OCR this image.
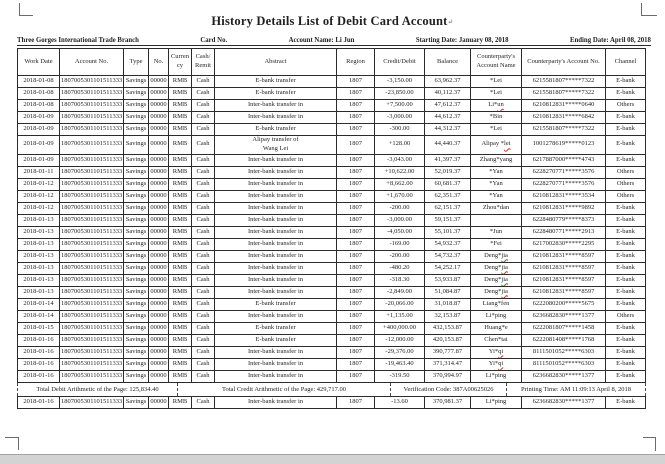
History Details List of Debit Card Account↵
Three Gorges International Trade Branch	Card No.	Account Name: Li Jun	Starting Date: January 08, 2018	Ending Date: April 08, 2018
Work Date	Account No.	Type	No.	Currency	Cash/ Remit	Abstract	Region	Credit/Debit	Balance	Counterparty's Account Name	Counterparty's Account No.	Channel
2018-01-08	1807005301101511333	Savings	00000	RMB	Cash	E-bank transfer	1807	-3,150.00	63,962.37	*Lei	6215581807*****7322	E-bank
2018-01-08	1807005301101511333	Savings	00000	RMB	Cash	E-bank transfer	1807	-23,850.00	40,112.37	*Lei	6215581807*****7322	E-bank
2018-01-08	1807005301101511333	Savings	00000	RMB	Cash	Inter-bank transfer in	1807	+7,500.00	47,612.37	Li*un	6210812831*****0640	Others
2018-01-09	1807005301101511333	Savings	00000	RMB	Cash	Inter-bank transfer in	1807	-3,000.00	44,612.37	*Bin	6210812831*****6842	E-bank
2018-01-09	1807005301101511333	Savings	00000	RMB	Cash	E-bank transfer	1807	-300.00	44,312.37	*Lei	6215581807*****7322	E-bank
2018-01-09	1807005301101511333	Savings	00000	RMB	Cash	Alipay transfer of
Wang Lei	1807	+128.00	44,440.37	Alipay *lei	1001278619*****0123	E-bank
2018-01-09	1807005301101511333	Savings	00000	RMB	Cash	Inter-bank transfer in	1807	-3,043.00	41,397.37	Zhang*yang	6217887000*****4743	E-bank
2018-01-11	1807005301101511333	Savings	00000	RMB	Cash	Inter-bank transfer in	1807	+10,622.00	52,019.37	*Yan	6228270771*****3576	Others
2018-01-12	1807005301101511333	Savings	00000	RMB	Cash	Inter-bank transfer in	1807	+8,662.00	60,681.37	*Yan	6228270771*****3576	Others
2018-01-12	1807005301101511333	Savings	00000	RMB	Cash	Inter-bank transfer in	1807	+1,670.00	62,351.37	*Yan	6210812831*****3534	Others
2018-01-12	1807005301101511333	Savings	00000	RMB	Cash	Inter-bank transfer in	1807	-200.00	62,151.37	Zhou*dan	6210812831*****9892	E-bank
2018-01-13	1807005301101511333	Savings	00000	RMB	Cash	Inter-bank transfer in	1807	-3,000.00	59,151.37		6228480779*****8373	E-bank
2018-01-13	1807005301101511333	Savings	00000	RMB	Cash	Inter-bank transfer in	1807	-4,050.00	55,101.37	*Jun	6228480771*****2913	E-bank
2018-01-13	1807005301101511333	Savings	00000	RMB	Cash	Inter-bank transfer in	1807	-169.00	54,932.37	*Fei	6217002830*****2295	E-bank
2018-01-13	1807005301101511333	Savings	00000	RMB	Cash	Inter-bank transfer in	1807	-200.00	54,732.37	Deng*jia	6210812831*****8597	E-bank
2018-01-13	1807005301101511333	Savings	00000	RMB	Cash	Inter-bank transfer in	1807	-480.20	54,252.17	Deng*jia	6210812831*****8597	E-bank
2018-01-13	1807005301101511333	Savings	00000	RMB	Cash	Inter-bank transfer in	1807	-318.30	53,933.87	Deng*jia	6210812831*****8597	E-bank
2018-01-13	1807005301101511333	Savings	00000	RMB	Cash	Inter-bank transfer in	1807	-2,849.00	51,084.87	Deng*jia	6210812831*****8597	E-bank
2018-01-14	1807005301101511333	Savings	00000	RMB	Cash	E-bank transfer	1807	-20,066.00	31,018.87	Liang*fen	6222080200*****5675	E-bank
2018-01-14	1807005301101511333	Savings	00000	RMB	Cash	Inter-bank transfer in	1807	+1,135.00	32,153.87	Li*ping	6236682830*****1377	Others
2018-01-15	1807005301101511333	Savings	00000	RMB	Cash	E-bank transfer	1807	+400,000.00	432,153.87	Huang*e	6222081807*****1458	E-bank
2018-01-16	1807005301101511333	Savings	00000	RMB	Cash	E-bank transfer	1807	-12,000.00	420,153.87	Chen*tai	6222081408*****1768	E-bank
2018-01-16	1807005301101511333	Savings	00000	RMB	Cash	Inter-bank transfer in	1807	-29,376.00	390,777.87	Yi*qi	8111501052*****6303	E-bank
2018-01-16	1807005301101511333	Savings	00000	RMB	Cash	Inter-bank transfer in	1807	-19,463.40	371,314.47	Yi*qi	8111501052*****6303	E-bank
2018-01-16	1807005301101511333	Savings	00000	RMB	Cash	Inter-bank transfer in	1807	-319.50	370,994.97	Li*ping	6236682830*****1377	E-bank

Total Debit Arithmetic of the Page: 125,834.40 Total Credit Arithmetic of the Page: 429,717.00 Verification Code: 387A00625026 Printing Time: AM 11:09:13 April 8, 2018												

2018-01-16	1807005301101511333	Savings	00000	RMB	Cash	Inter-bank transfer in	1807	-13.60	370,981.37	Li*ping	6236682830*****1377	E-bank
